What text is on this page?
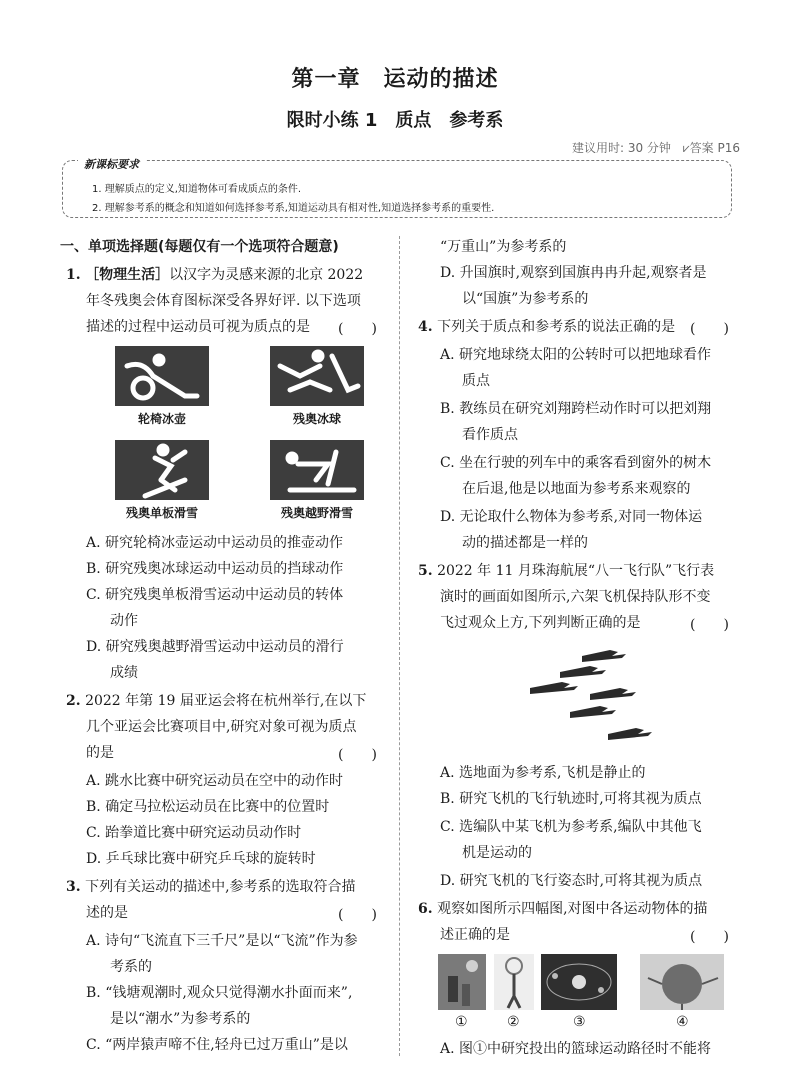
第一章　运动的描述
限时小练 1　质点　参考系
建议用时: 30 分钟　⩗答案 P16
新课标要求
1. 理解质点的定义,知道物体可看成质点的条件.
2. 理解参考系的概念和知道如何选择参考系,知道运动具有相对性,知道选择参考系的重要性.
一、单项选择题(每题仅有一个选项符合题意)
1. ［物理生活］以汉字为灵感来源的北京 2022
年冬残奥会体育图标深受各界好评. 以下选项
描述的过程中运动员可视为质点的是 (　　)
轮椅冰壶	残奥冰球
残奥单板滑雪	残奥越野滑雪
A. 研究轮椅冰壶运动中运动员的推壶动作
B. 研究残奥冰球运动中运动员的挡球动作
C. 研究残奥单板滑雪运动中运动员的转体
动作
D. 研究残奥越野滑雪运动中运动员的滑行
成绩
2. 2022 年第 19 届亚运会将在杭州举行,在以下
几个亚运会比赛项目中,研究对象可视为质点
的是	(　　)
A. 跳水比赛中研究运动员在空中的动作时
B. 确定马拉松运动员在比赛中的位置时
C. 跆拳道比赛中研究运动员动作时
D. 乒乓球比赛中研究乒乓球的旋转时
3. 下列有关运动的描述中,参考系的选取符合描
述的是	(　　)
A. 诗句“飞流直下三千尺”是以“飞流”作为参
考系的
B. “钱塘观潮时,观众只觉得潮水扑面而来”,
是以“潮水”为参考系的
C. “两岸猿声啼不住,轻舟已过万重山”是以
“万重山”为参考系的
D. 升国旗时,观察到国旗冉冉升起,观察者是
以“国旗”为参考系的
4. 下列关于质点和参考系的说法正确的是 (　　)
A. 研究地球绕太阳的公转时可以把地球看作
质点
B. 教练员在研究刘翔跨栏动作时可以把刘翔
看作质点
C. 坐在行驶的列车中的乘客看到窗外的树木
在后退,他是以地面为参考系来观察的
D. 无论取什么物体为参考系,对同一物体运
动的描述都是一样的
5. 2022 年 11 月珠海航展“八一飞行队”飞行表
演时的画面如图所示,六架飞机保持队形不变
飞过观众上方,下列判断正确的是	(　　)
A. 选地面为参考系,飞机是静止的
B. 研究飞机的飞行轨迹时,可将其视为质点
C. 选编队中某飞机为参考系,编队中其他飞
机是运动的
D. 研究飞机的飞行姿态时,可将其视为质点
6. 观察如图所示四幅图,对图中各运动物体的描
述正确的是	(　　)
①	②	③	④
A. 图①中研究投出的篮球运动路径时不能将
